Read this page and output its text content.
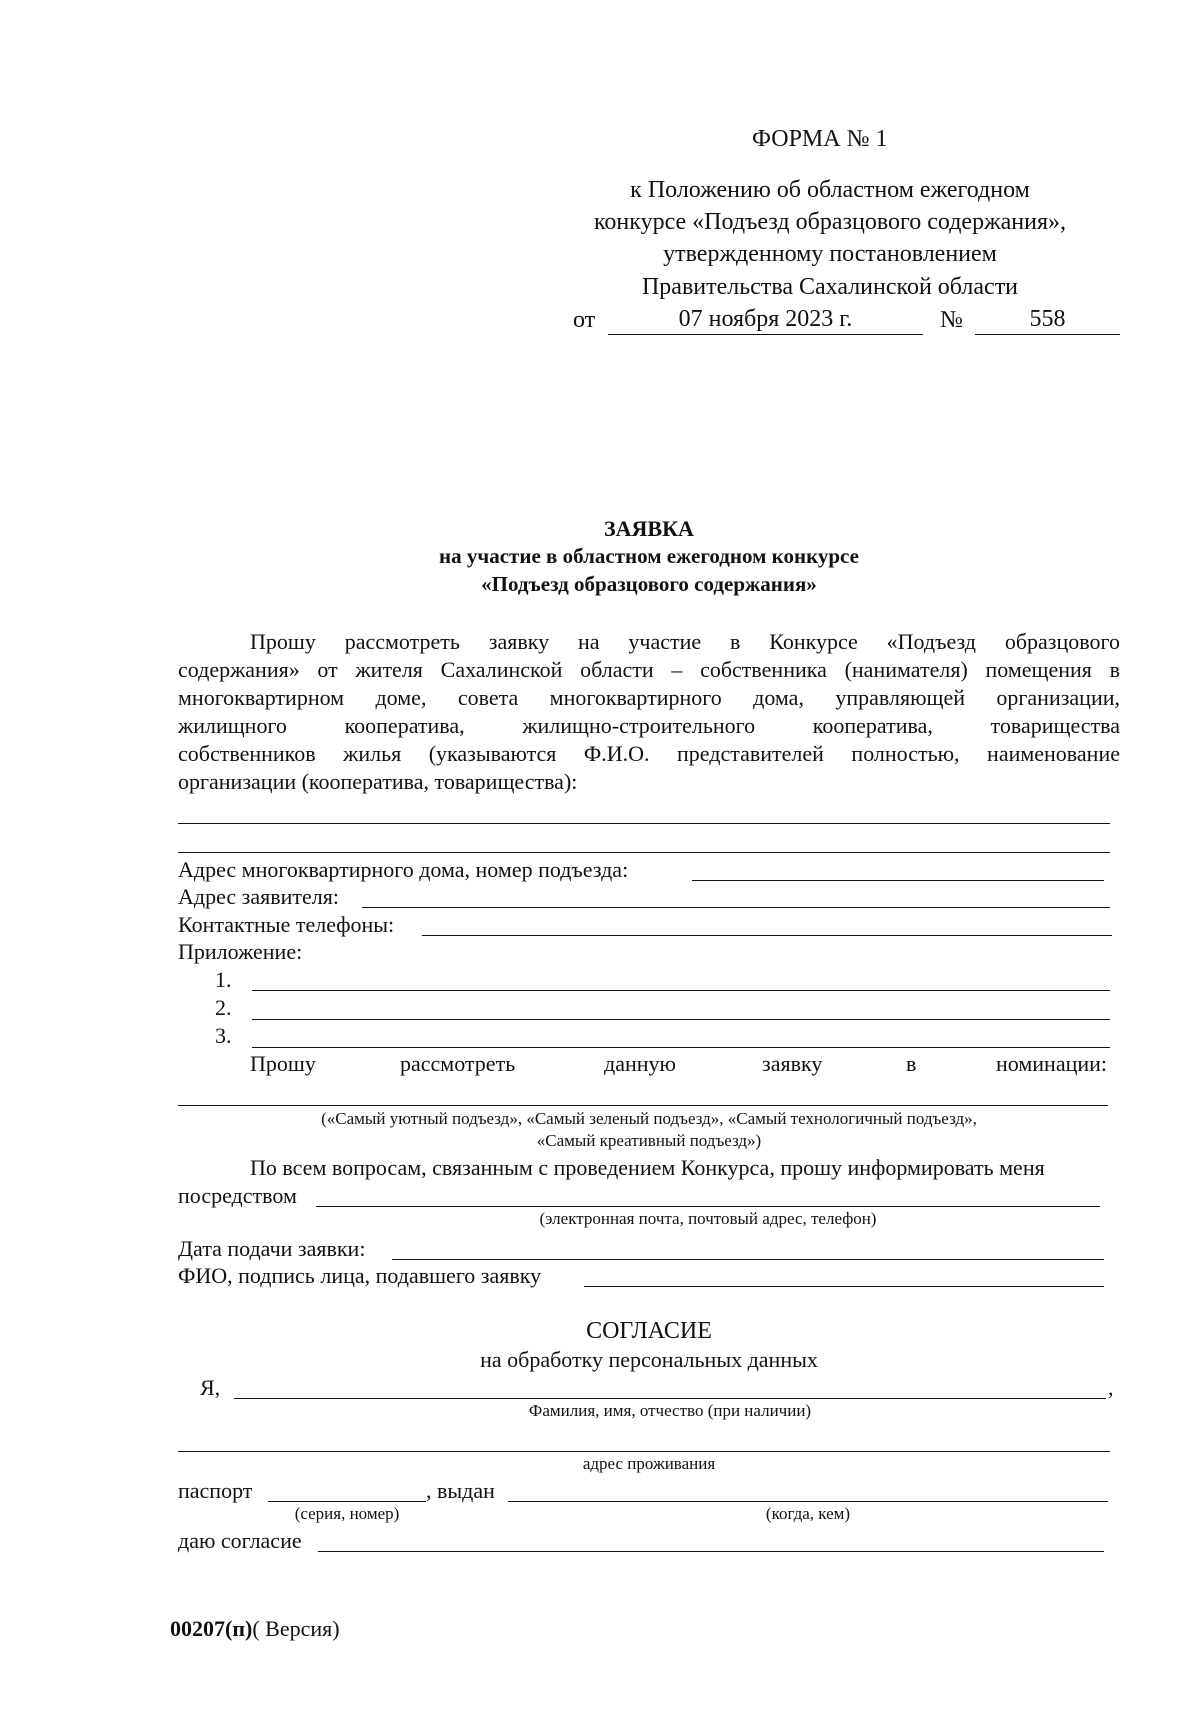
ФОРМА № 1
к Положению об областном ежегодном
конкурсе «Подъезд образцового содержания»,
утвержденному постановлением
Правительства Сахалинской области
от	07 ноября 2023 г.	№	558
ЗАЯВКА
на участие в областном ежегодном конкурсе
«Подъезд образцового содержания»
Прошу рассмотреть заявку на участие в Конкурсе «Подъезд образцового
содержания» от жителя Сахалинской области – собственника (нанимателя) помещения в
многоквартирном доме, совета многоквартирного дома, управляющей организации,
жилищного кооператива, жилищно-строительного кооператива, товарищества
собственников жилья (указываются Ф.И.О. представителей полностью, наименование
организации (кооператива, товарищества):
Адрес многоквартирного дома, номер подъезда:
Адрес заявителя:
Контактные телефоны:
Приложение:
1.
2.
3.
Прошу	рассмотреть	данную	заявку	в	номинации:
(«Самый уютный подъезд», «Самый зеленый подъезд», «Самый технологичный подъезд»,
«Самый креативный подъезд»)
По всем вопросам, связанным с проведением Конкурса, прошу информировать меня
посредством
(электронная почта, почтовый адрес, телефон)
Дата подачи заявки:
ФИО, подпись лица, подавшего заявку
СОГЛАСИЕ
на обработку персональных данных
Я,	,
Фамилия, имя, отчество (при наличии)
адрес проживания
паспорт	, выдан
(серия, номер)	(когда, кем)
даю согласие
00207(п)( Версия)
